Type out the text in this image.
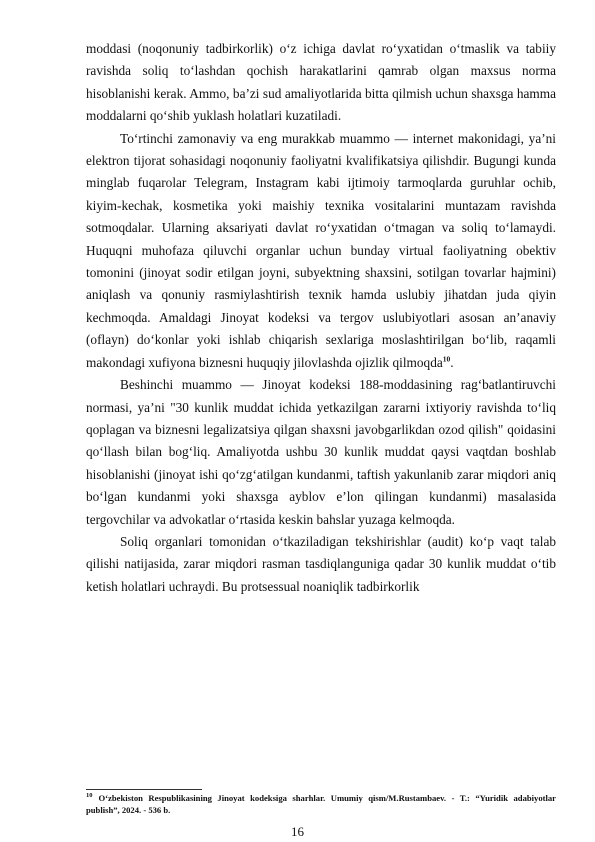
moddasi (noqonuniy tadbirkorlik) o‘z ichiga davlat ro‘yxatidan o‘tmaslik va tabiiy ravishda soliq to‘lashdan qochish harakatlarini qamrab olgan maxsus norma hisoblanishi kerak. Ammo, ba’zi sud amaliyotlarida bitta qilmish uchun shaxsga hamma moddalarni qo‘shib yuklash holatlari kuzatiladi.

To‘rtinchi zamonaviy va eng murakkab muammo — internet makonidagi, ya’ni elektron tijorat sohasidagi noqonuniy faoliyatni kvalifikatsiya qilishdir. Bugungi kunda minglab fuqarolar Telegram, Instagram kabi ijtimoiy tarmoqlarda guruhlar ochib, kiyim-kechak, kosmetika yoki maishiy texnika vositalarini muntazam ravishda sotmoqdalar. Ularning aksariyati davlat ro‘yxatidan o‘tmagan va soliq to‘lamaydi. Huquqni muhofaza qiluvchi organlar uchun bunday virtual faoliyatning obektiv tomonini (jinoyat sodir etilgan joyni, subyektning shaxsini, sotilgan tovarlar hajmini) aniqlash va qonuniy rasmiylashtirish texnik hamda uslubiy jihatdan juda qiyin kechmoqda. Amaldagi Jinoyat kodeksi va tergov uslubiyotlari asosan an’anaviy (oflayn) do‘konlar yoki ishlab chiqarish sexlariga moslashtirilgan bo‘lib, raqamli makondagi xufiyona biznesni huquqiy jilovlashda ojizlik qilmoqda$^{10}$.

Beshinchi muammo — Jinoyat kodeksi 188-moddasining rag‘batlantiruvchi normasi, ya’ni "30 kunlik muddat ichida yetkazilgan zararni ixtiyoriy ravishda to‘liq qoplagan va biznesni legalizatsiya qilgan shaxsni javobgarlikdan ozod qilish" qoidasini qo‘llash bilan bog‘liq. Amaliyotda ushbu 30 kunlik muddat qaysi vaqtdan boshlab hisoblanishi (jinoyat ishi qo‘zg‘atilgan kundanmi, taftish yakunlanib zarar miqdori aniq bo‘lgan kundanmi yoki shaxsga ayblov e’lon qilingan kundanmi) masalasida tergovchilar va advokatlar o‘rtasida keskin bahslar yuzaga kelmoqda.

Soliq organlari tomonidan o‘tkaziladigan tekshirishlar (audit) ko‘p vaqt talab qilishi natijasida, zarar miqdori rasman tasdiqlanguniga qadar 30 kunlik muddat o‘tib ketish holatlari uchraydi. Bu protsessual noaniqlik tadbirkorlik

$^{10}$ O‘zbekiston Respublikasining Jinoyat kodeksiga sharhlar. Umumiy qism/M.Rustambaev. - T.: “Yuridik adabiyotlar publish”, 2024. - 536 b.
16
